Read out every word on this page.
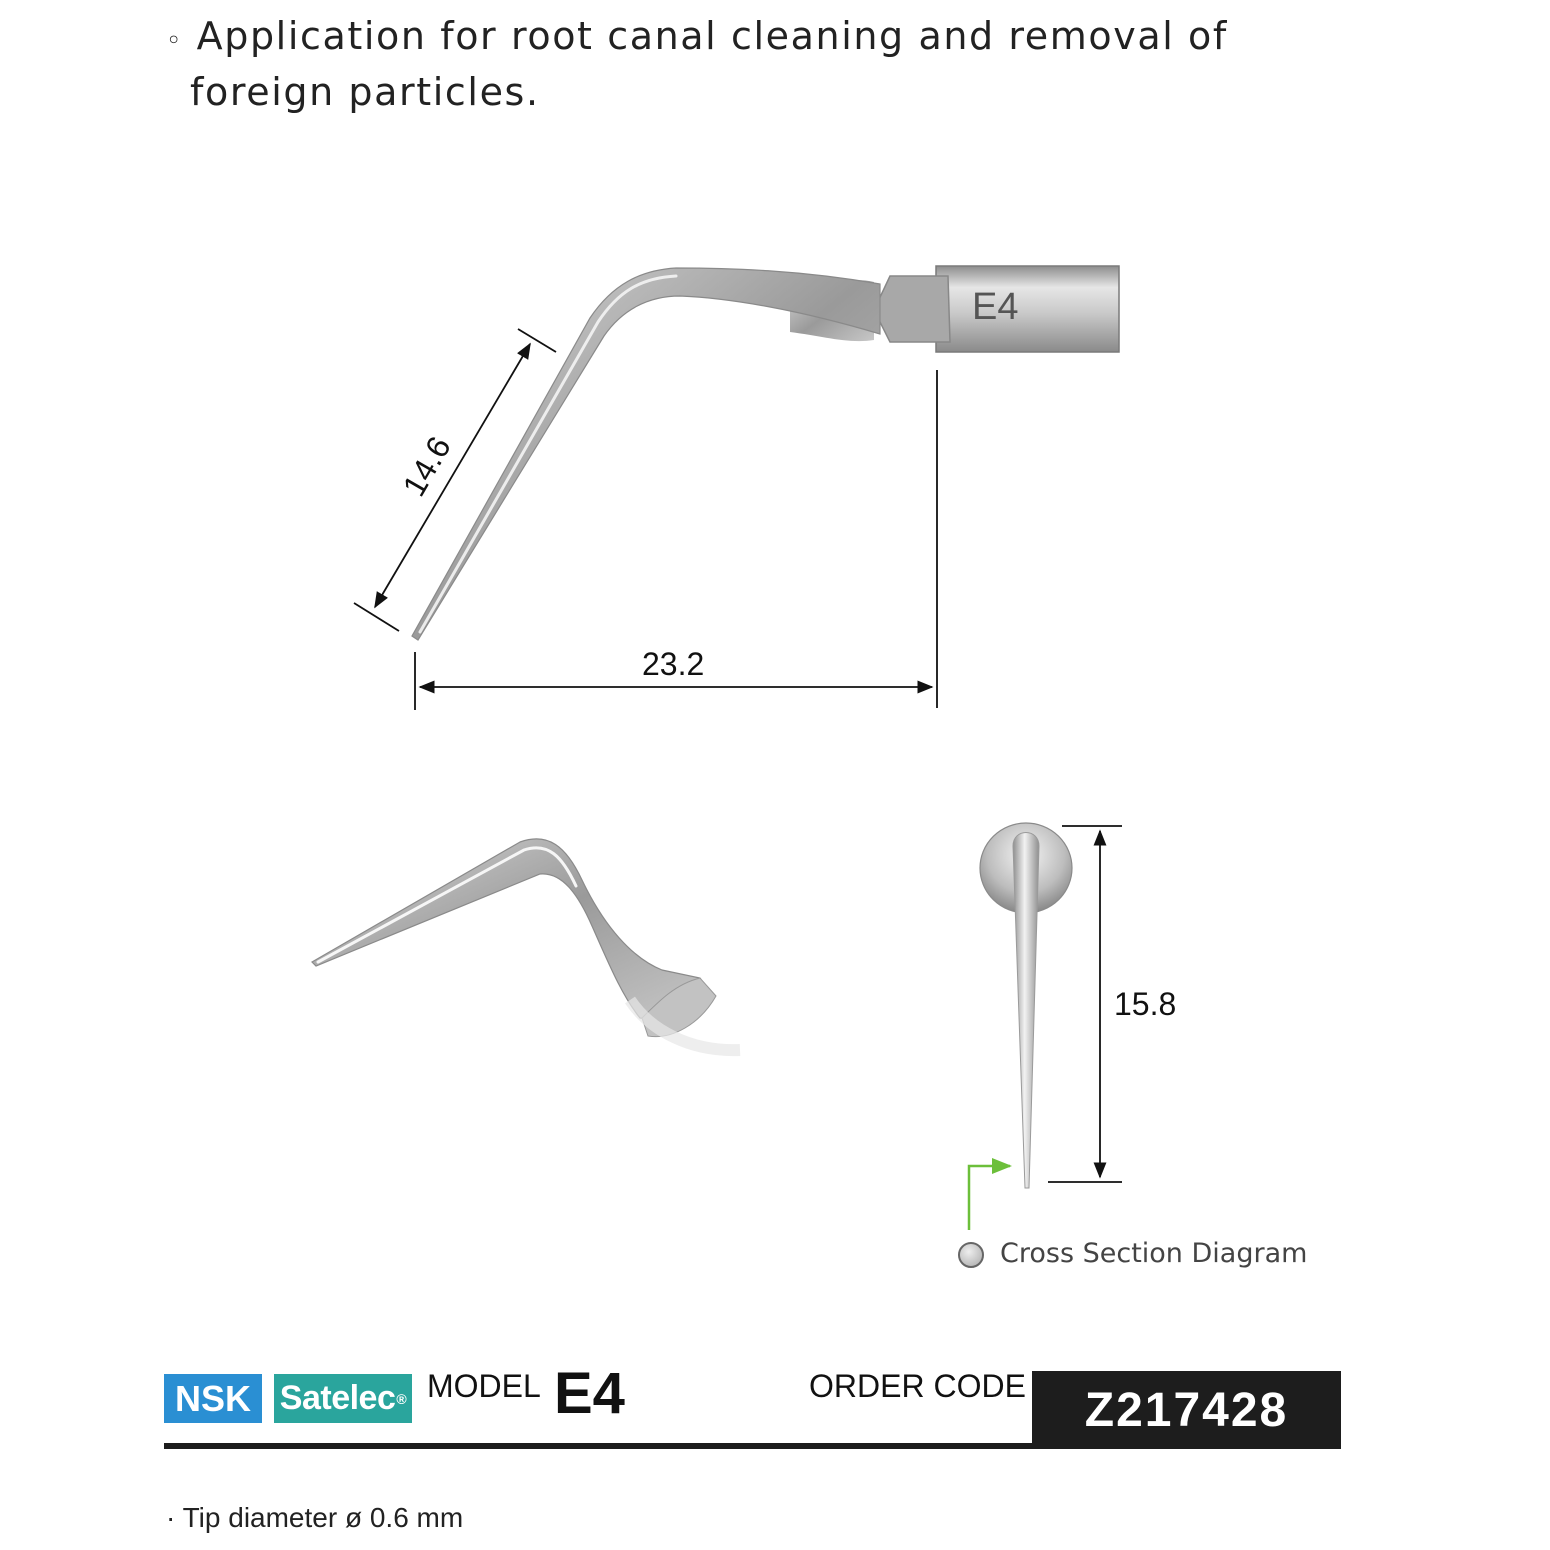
◦ Application for root canal cleaning and removal of
foreign particles.
E4
14.6
23.2
15.8
Cross Section Diagram
NSK Satelec ® MODEL E4	ORDER CODE Z217428
· Tip diameter ø 0.6 mm
